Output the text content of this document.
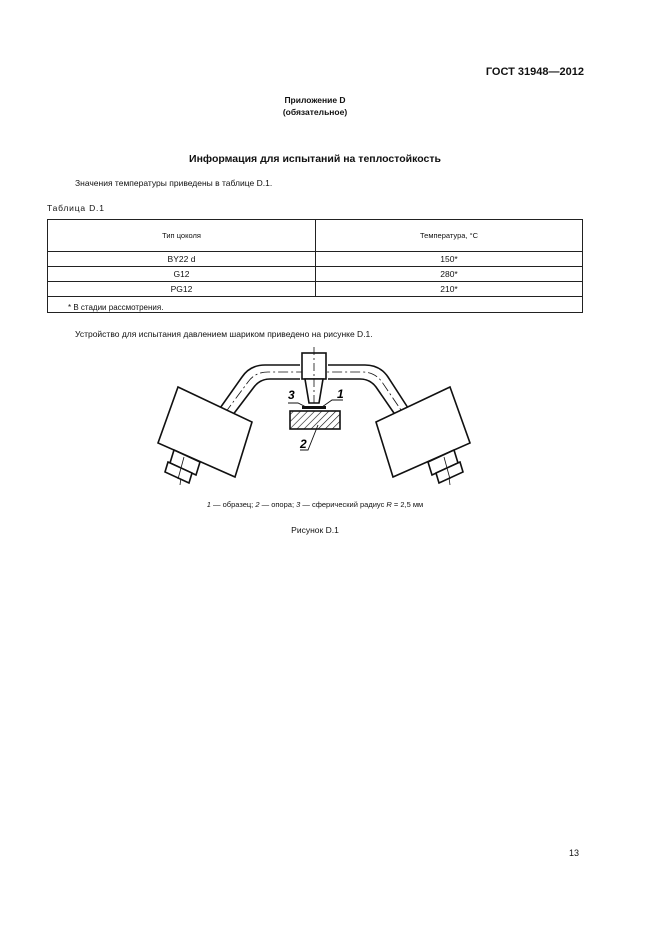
ГОСТ 31948—2012
Приложение D
(обязательное)
Информация для испытаний на теплостойкость
Значения температуры приведены в таблице D.1.
Таблица D.1
Тип цоколя	Температура, °С
BY22 d	150*
G12	280*
PG12	210*

* В стадии рассмотрения.
Устройство для испытания давлением шариком приведено на рисунке D.1.
3	1
2
1 — образец; 2 — опора; 3 — сферический радиус R = 2,5 мм
Рисунок D.1
13
